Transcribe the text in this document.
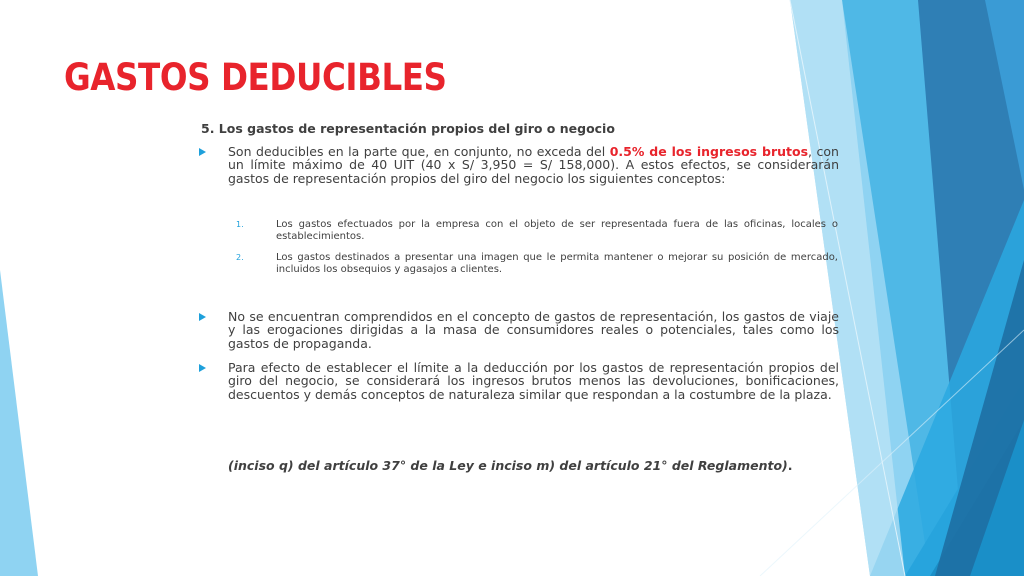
GASTOS DEDUCIBLES
5. Los gastos de representación propios del giro o negocio
Son deducibles en la parte que, en conjunto, no exceda del 0.5% de los ingresos brutos, con un límite máximo de 40 UIT (40 x S/ 3,950 = S/ 158,000). A estos efectos, se considerarán gastos de representación propios del giro del negocio los siguientes conceptos:
1.	Los gastos efectuados por la empresa con el objeto de ser representada fuera de las oficinas, locales o establecimientos.
2.	Los gastos destinados a presentar una imagen que le permita mantener o mejorar su posición de mercado, incluidos los obsequios y agasajos a clientes.
No se encuentran comprendidos en el concepto de gastos de representación, los gastos de viaje y las erogaciones dirigidas a la masa de consumidores reales o potenciales, tales como los gastos de propaganda.
Para efecto de establecer el límite a la deducción por los gastos de representación propios del giro del negocio, se considerará los ingresos brutos menos las devoluciones, bonificaciones, descuentos y demás conceptos de naturaleza similar que respondan a la costumbre de la plaza.
(inciso q) del artículo 37° de la Ley e inciso m) del artículo 21° del Reglamento).
